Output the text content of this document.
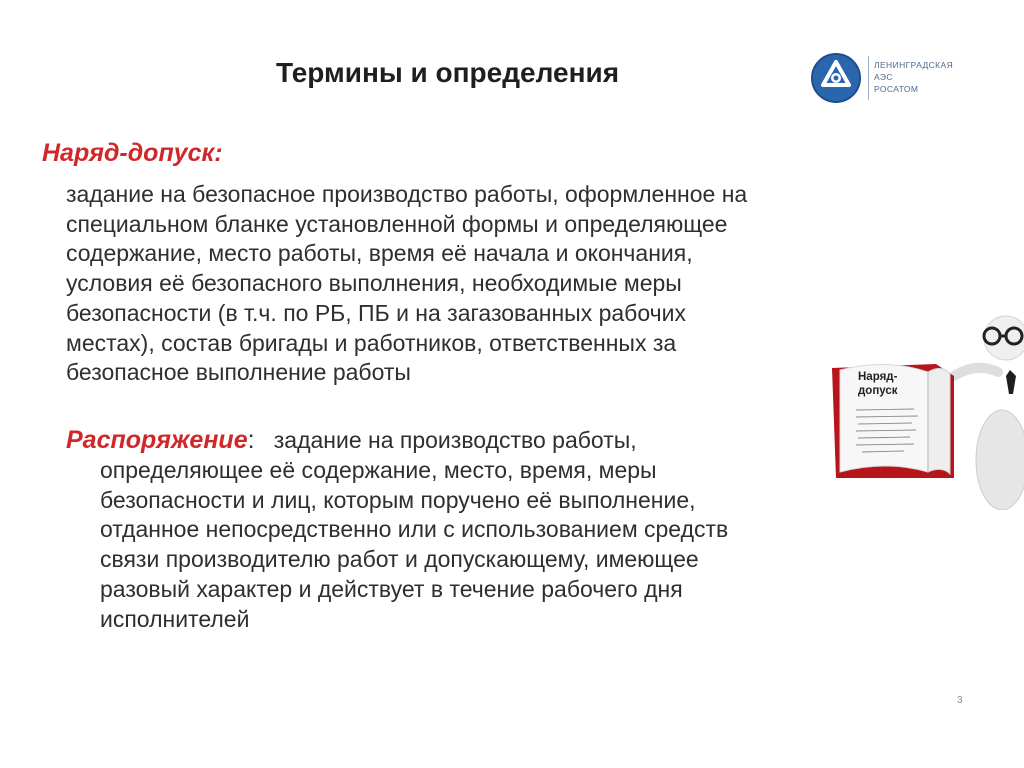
Термины и определения	ЛЕНИНГРАДСКАЯ
АЭС
РОСАТОМ
Наряд-допуск:
задание на безопасное производство работы, оформленное на
специальном бланке установленной формы и определяющее
содержание, место работы, время её начала и окончания,
условия её безопасного выполнения, необходимые меры
безопасности (в т.ч. по РБ, ПБ и на загазованных рабочих
местах), состав бригады и работников, ответственных за
безопасное выполнение работы
Распоряжение: задание на производство работы,
определяющее её содержание, место, время, меры
безопасности и лиц, которым поручено её выполнение,
отданное непосредственно или с использованием средств
связи производителю работ и допускающему, имеющее
разовый характер и действует в течение рабочего дня
исполнителей
Наряд-
допуск
3
